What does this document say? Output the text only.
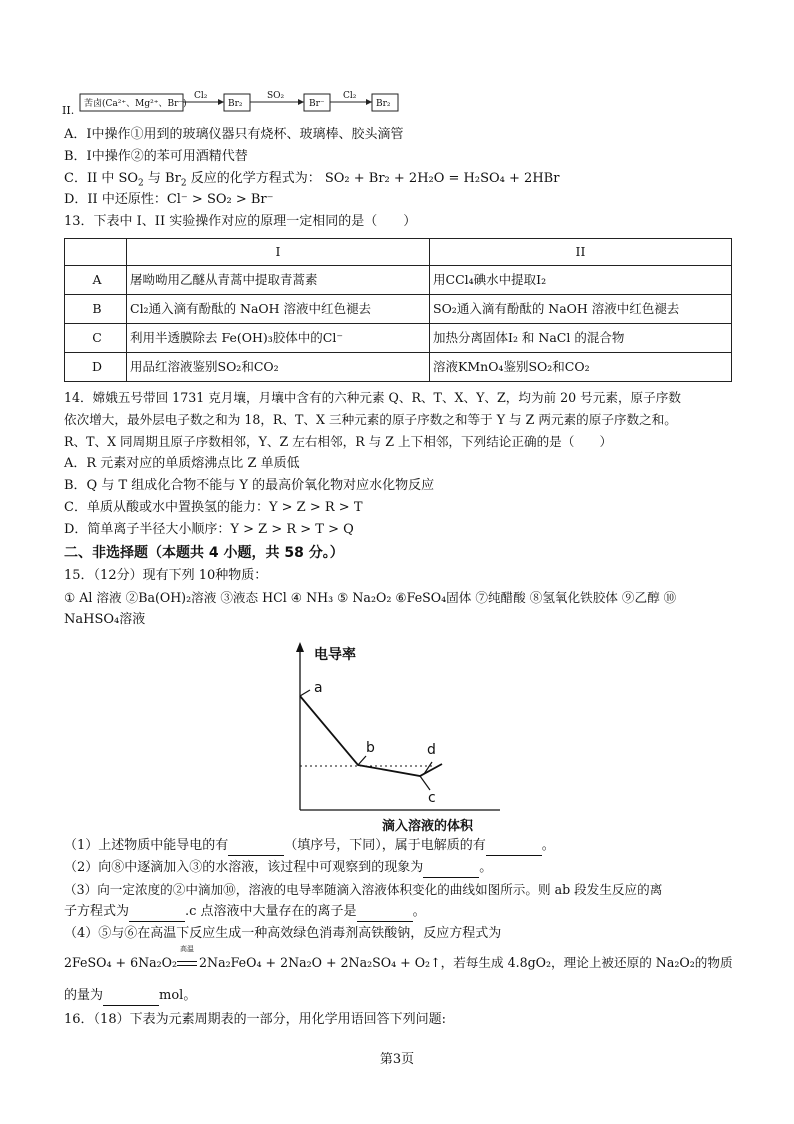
II. 苦卤(Ca²⁺、Mg²⁺、Br⁻)
Cl₂
Br₂
SO₂
Br⁻
Cl₂
Br₂
A．Ⅰ中操作①用到的玻璃仪器只有烧杯、玻璃棒、胶头滴管
B．Ⅰ中操作②的苯可用酒精代替
C．II 中 $SO_2$ 与 $Br_2$ 反应的化学方程式为： SO₂ + Br₂ + 2H₂O = H₂SO₄ + 2HBr
D．II 中还原性：Cl⁻ > SO₂ > Br⁻
13．下表中 I、II 实验操作对应的原理一定相同的是（　　）
	I	II
A	屠呦呦用乙醚从青蒿中提取青蒿素	用CCl₄碘水中提取I₂
B	Cl₂通入滴有酚酞的 NaOH 溶液中红色褪去	SO₂通入滴有酚酞的 NaOH 溶液中红色褪去
C	利用半透膜除去 Fe(OH)₃胶体中的Cl⁻	加热分离固体I₂ 和 NaCl 的混合物
D	用品红溶液鉴别SO₂和CO₂	溶液KMnO₄鉴别SO₂和CO₂
14．嫦娥五号带回 1731 克月壤，月壤中含有的六种元素 Q、R、T、X、Y、Z，均为前 20 号元素，原子序数
依次增大，最外层电子数之和为 18，R、T、X 三种元素的原子序数之和等于 Y 与 Z 两元素的原子序数之和。
R、T、X 同周期且原子序数相邻，Y、Z 左右相邻，R 与 Z 上下相邻，下列结论正确的是（　　）
A．R 元素对应的单质熔沸点比 Z 单质低
B．Q 与 T 组成化合物不能与 Y 的最高价氧化物对应水化物反应
C．单质从酸或水中置换氢的能力：Y > Z > R > T
D．简单离子半径大小顺序：Y > Z > R > T > Q
二、非选择题（本题共 4 小题，共 58 分。）
15．（12分）现有下列 10种物质：
① Al 溶液 ②Ba(OH)₂溶液 ③液态 HCl ④ NH₃ ⑤ Na₂O₂ ⑥FeSO₄固体 ⑦纯醋酸 ⑧氢氧化铁胶体 ⑨乙醇 ⑩
NaHSO₄溶液
电导率
滴入溶液的体积
a
b
c
d
（1）上述物质中能导电的有	（填序号，下同），属于电解质的有	。
（2）向⑧中逐滴加入③的水溶液，该过程中可观察到的现象为	。
（3）向一定浓度的②中滴加⑩，溶液的电导率随滴入溶液体积变化的曲线如图所示。则 ab 段发生反应的离
子方程式为	.c 点溶液中大量存在的离子是	。
（4）⑤与⑥在高温下反应生成一种高效绿色消毒剂高铁酸钠，反应方程式为
2FeSO₄ + 6Na₂O₂
高温
2Na₂FeO₄ + 2Na₂O + 2Na₂SO₄ + O₂↑，若每生成 4.8gO₂，理论上被还原的 Na₂O₂的物质
的量为	mol。
16．（18）下表为元素周期表的一部分，用化学用语回答下列问题:
第3页
